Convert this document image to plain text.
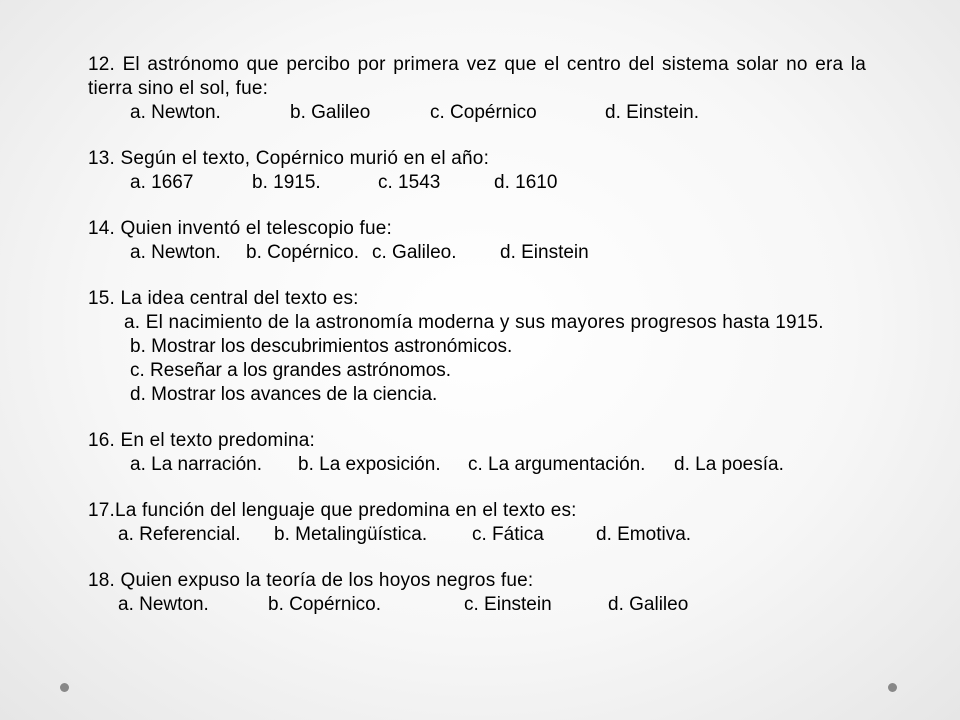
12. El astrónomo que percibo por primera vez que el centro del sistema solar no era la tierra sino el sol, fue:
a. Newton.	b. Galileo	c. Copérnico	d. Einstein.
13. Según el texto, Copérnico murió en el año:
a. 1667	b. 1915.	c. 1543	d. 1610
14. Quien inventó el telescopio fue:
a. Newton.	b. Copérnico. c. Galileo.	d. Einstein
15. La idea central del texto es:
a. El nacimiento de la astronomía moderna y sus mayores progresos hasta 1915.
b. Mostrar los descubrimientos astronómicos.
c. Reseñar a los grandes astrónomos.
d. Mostrar los avances de la ciencia.
16. En el texto predomina:
a. La narración.	b. La exposición.	c. La argumentación.	d. La poesía.
17.La función del lenguaje que predomina en el texto es:
a. Referencial.	b. Metalingüística.	c. Fática	d. Emotiva.
18. Quien expuso la teoría de los hoyos negros fue:
a. Newton.	b. Copérnico.	c. Einstein	d. Galileo
